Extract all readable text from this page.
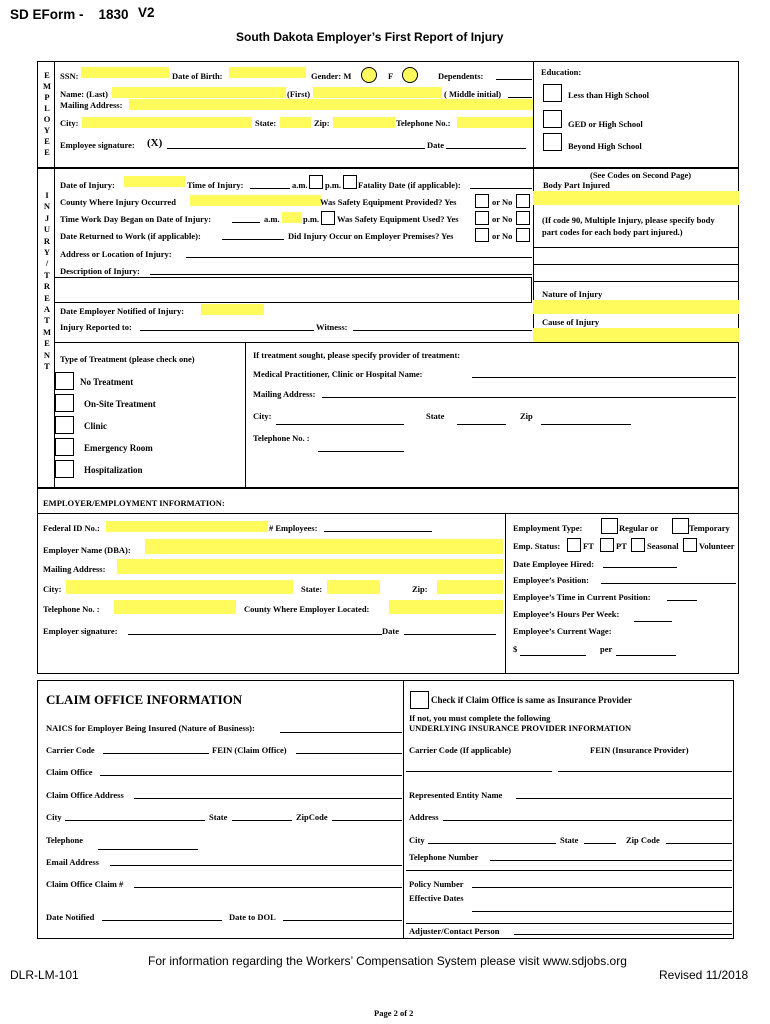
SD EForm - 1830 V2
South Dakota Employer’s First Report of Injury
E
M
P
L
O
Y
E
E
SSN:	Date of Birth:	Gender: M	F	Dependents:
Name: (Last)	(First)	( Middle initial)
Mailing Address:
City:	State:	Zip:	Telephone No.:
Employee signature: (X)	Date
Education:
Less than High School
GED or High School
Beyond High School
I
N
J
U
R
Y
/
T
R
E
A
T
M
E
N
T
Date of Injury:	Time of Injury:	a.m. p.m. Fatality Date (if applicable):
County Where Injury Occurred	Was Safety Equipment Provided? Yes	or No
Time Work Day Began on Date of Injury:	a.m.	p.m. Was Safety Equipment Used? Yes	or No
Date Returned to Work (if applicable):	Did Injury Occur on Employer Premises? Yes	or No
Address or Location of Injury:
Description of Injury:
Date Employer Notified of Injury:
Injury Reported to:	Witness:
(See Codes on Second Page)
Body Part Injured
(If code 90, Multiple Injury, please specify body part codes for each body part injured.)
Nature of Injury
Cause of Injury
Type of Treatment (please check one)
No Treatment
On-Site Treatment
Clinic
Emergency Room
Hospitalization
If treatment sought, please specify provider of treatment:
Medical Practitioner, Clinic or Hospital Name:
Mailing Address:
City:	State	Zip
Telephone No. :
EMPLOYER/EMPLOYMENT INFORMATION:
Federal ID No.:	# Employees:
Employer Name (DBA):
Mailing Address:
City:	State:	Zip:
Telephone No. :	County Where Employer Located:
Employer signature:	Date
Employment Type:	Regular or	Temporary
Emp. Status:	FT	PT Seasonal Volunteer
Date Employee Hired:
Employee’s Position:
Employee’s Time in Current Position:
Employee’s Hours Per Week:
Employee’s Current Wage:
$	per
CLAIM OFFICE INFORMATION
NAICS for Employer Being Insured (Nature of Business):
Carrier Code	FEIN (Claim Office)
Claim Office
Claim Office Address
City	State	ZipCode
Telephone
Email Address
Claim Office Claim #
Date Notified	Date to DOL
Check if Claim Office is same as Insurance Provider
If not, you must complete the following
UNDERLYING INSURANCE PROVIDER INFORMATION
Carrier Code (If applicable)	FEIN (Insurance Provider)
Represented Entity Name
Address
City	State	Zip Code
Telephone Number
Policy Number
Effective Dates
Adjuster/Contact Person
For information regarding the Workers’ Compensation System please visit www.sdjobs.org
DLR-LM-101	Revised 11/2018
Page 2 of 2
